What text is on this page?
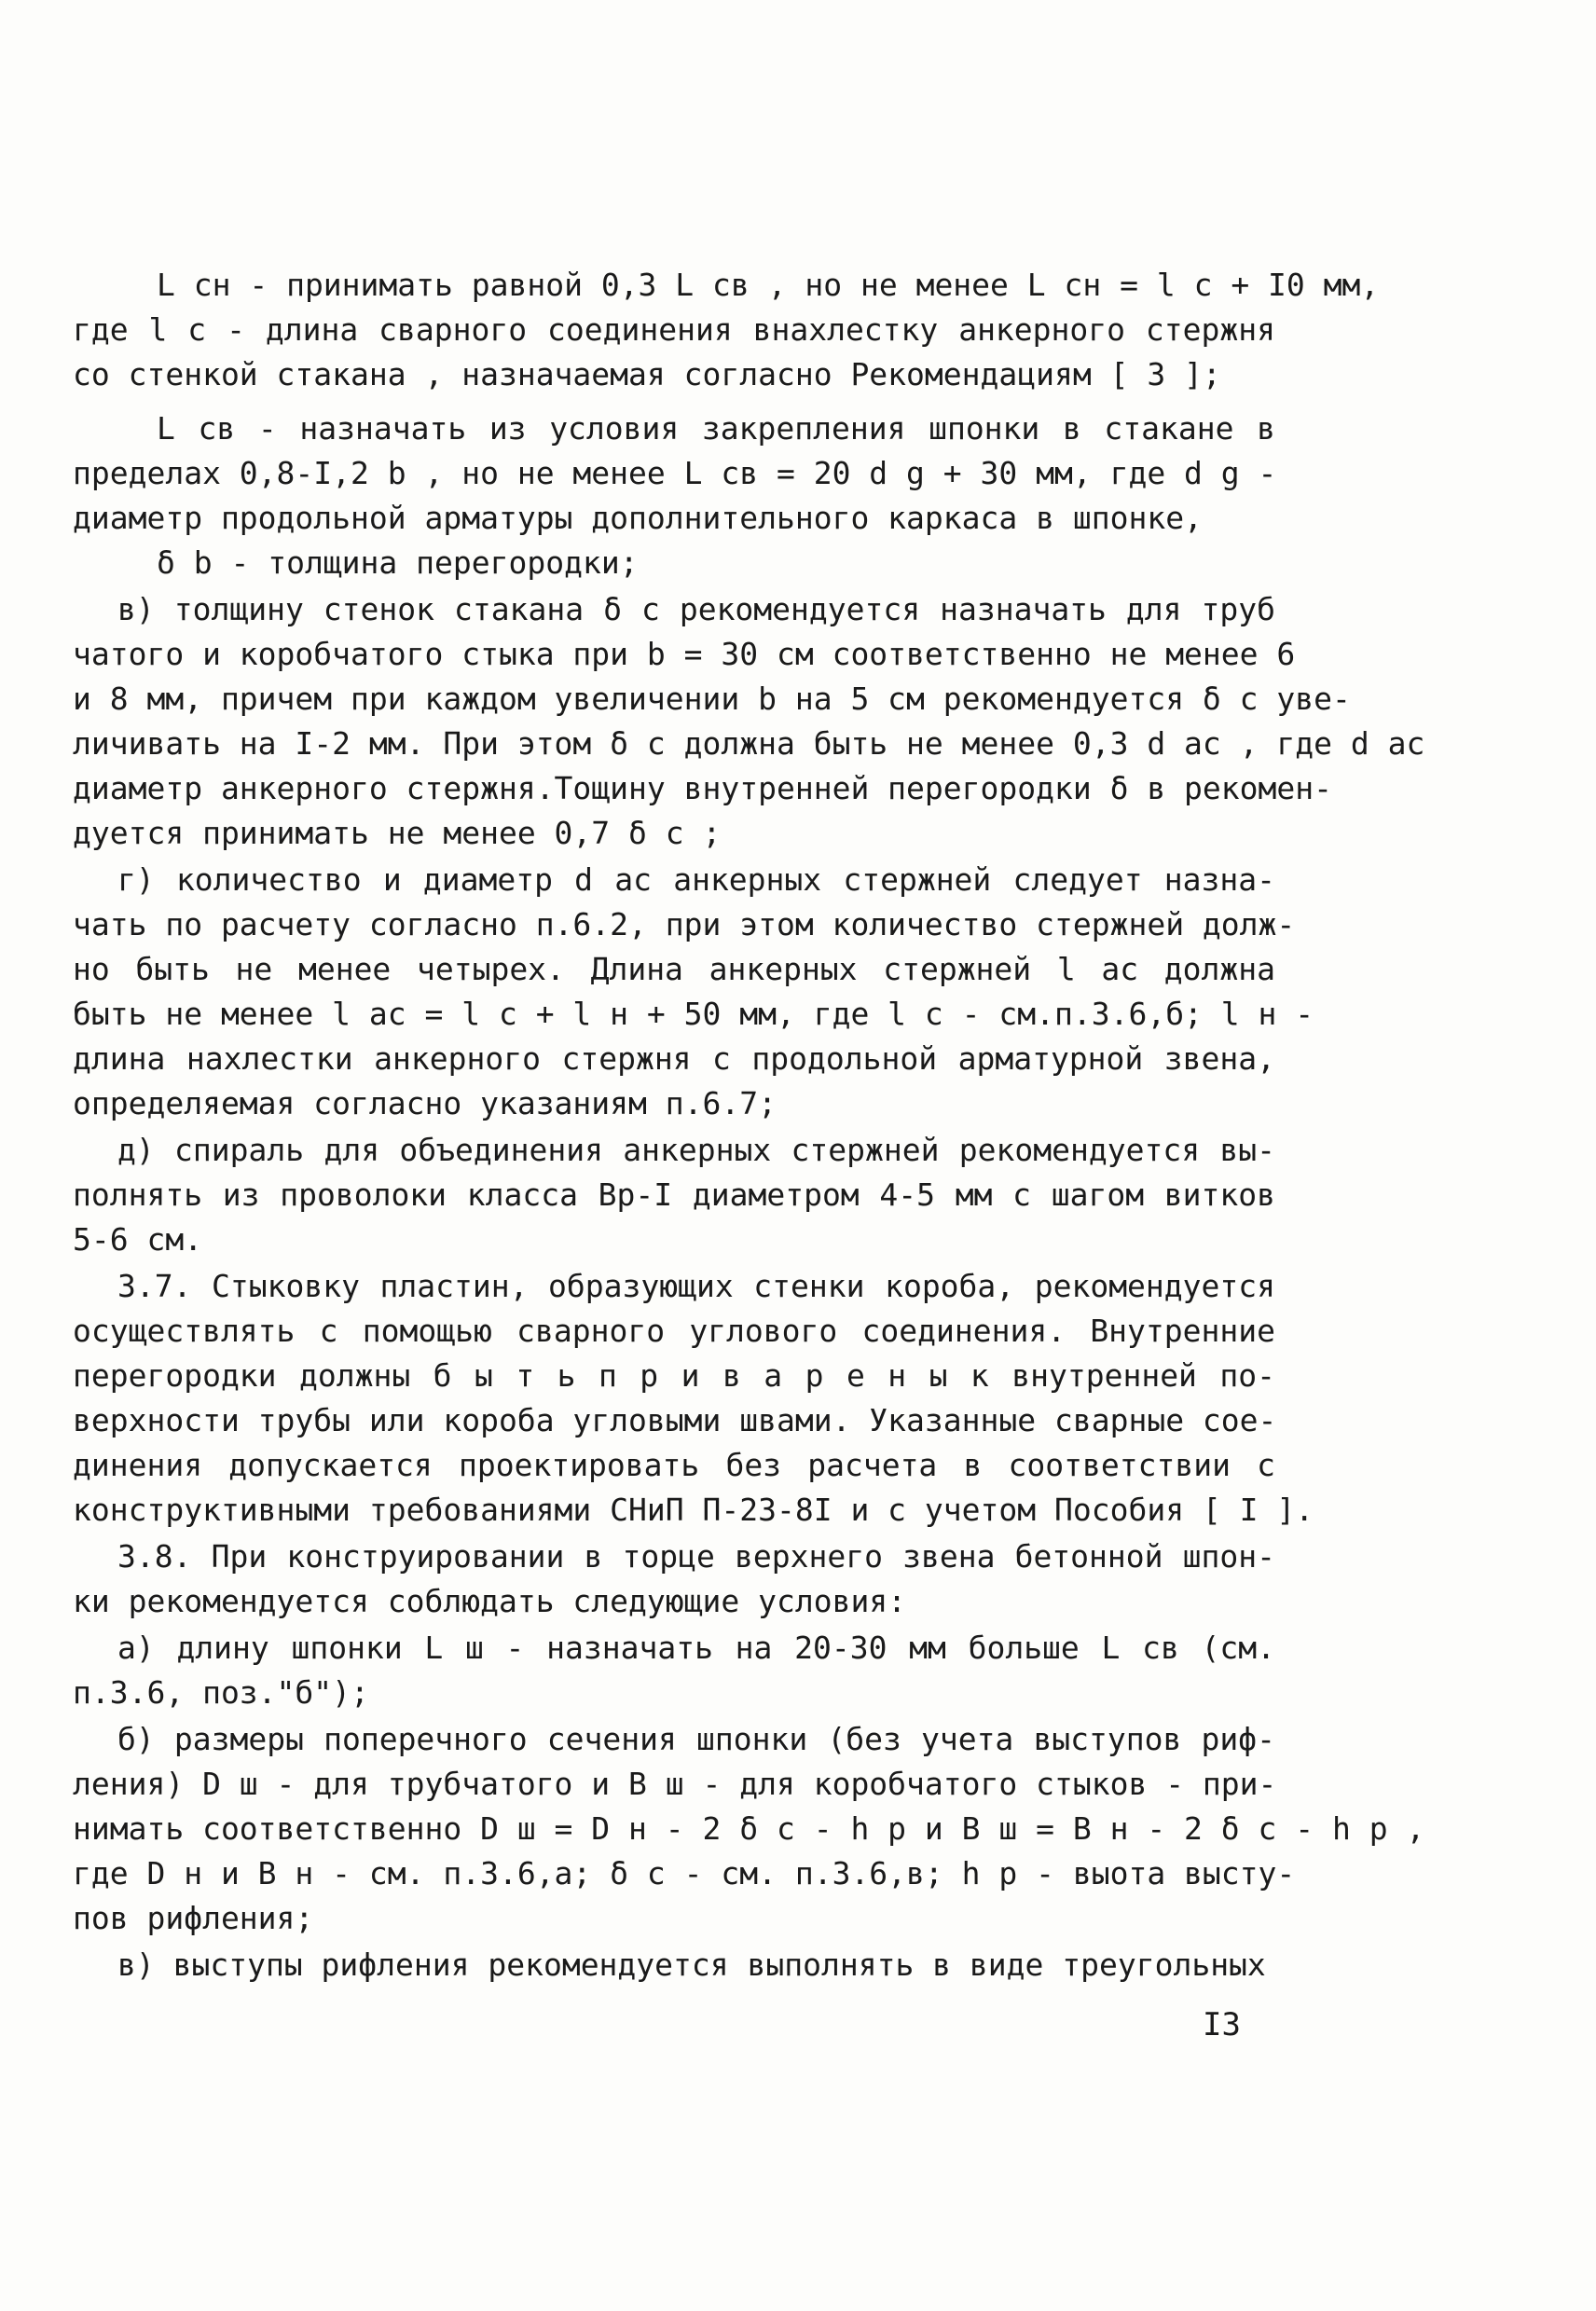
L сн - принимать равной 0,3 L св , но не менее L сн = l с + I0 мм,
где l с - длина сварного соединения внахлестку анкерного стержня
со стенкой стакана , назначаемая согласно Рекомендациям [ 3 ];
L св - назначать из условия закрепления шпонки в стакане в
пределах 0,8-I,2 b , но не менее L св = 20 d g + 30 мм, где d g -
диаметр продольной арматуры дополнительного каркаса в шпонке,
δ b - толщина перегородки;
в) толщину стенок стакана δ с рекомендуется назначать для труб
чатого и коробчатого стыка при b = 30 см соответственно не менее 6
и 8 мм, причем при каждом увеличении b на 5 см рекомендуется δ с уве-
личивать на I-2 мм. При этом δ с должна быть не менее 0,3 d ас , где d ас
диаметр анкерного стержня.Тощину внутренней перегородки δ в рекомен-
дуется принимать не менее 0,7 δ с ;
г) количество и диаметр d ас анкерных стержней следует назна-
чать по расчету согласно п.6.2, при этом количество стержней долж-
но быть не менее четырех. Длина анкерных стержней l ас должна
быть не менее l ас = l с + l н + 50 мм, где l с - см.п.3.6,б; l н -
длина нахлестки анкерного стержня с продольной арматурной звена,
определяемая согласно указаниям п.6.7;
д) спираль для объединения анкерных стержней рекомендуется вы-
полнять из проволоки класса Вр-I диаметром 4-5 мм с шагом витков
5-6 см.
3.7. Стыковку пластин, образующих стенки короба, рекомендуется
осуществлять с помощью сварного углового соединения. Внутренние
перегородки должны б ы т ь п р и в а р е н ы к внутренней по-
верхности трубы или короба угловыми швами. Указанные сварные сое-
динения допускается проектировать без расчета в соответствии с
конструктивными требованиями СНиП П-23-8I и с учетом Пособия [ I ].
3.8. При конструировании в торце верхнего звена бетонной шпон-
ки рекомендуется соблюдать следующие условия:
а) длину шпонки L ш - назначать на 20-30 мм больше L св (см.
п.3.6, поз."б");
б) размеры поперечного сечения шпонки (без учета выступов риф-
ления) D ш - для трубчатого и В ш - для коробчатого стыков - при-
нимать соответственно D ш = D н - 2 δ с - h р и В ш = В н - 2 δ с - h р ,
где D н и В н - см. п.3.6,а; δ с - см. п.3.6,в; h р - выота высту-
пов рифления;
в) выступы рифления рекомендуется выполнять в виде треугольных
I3
